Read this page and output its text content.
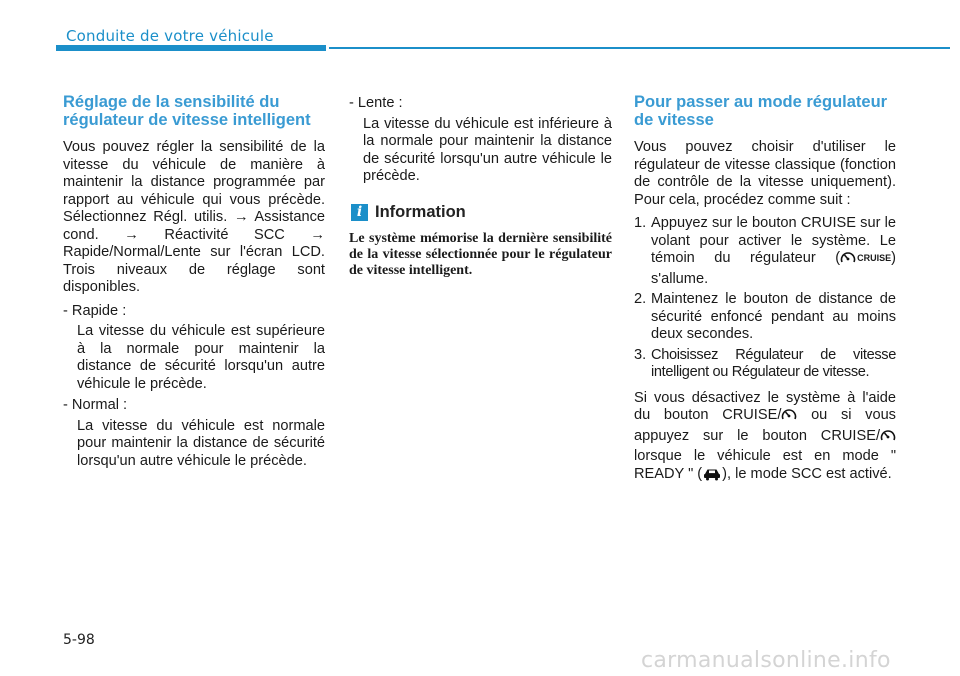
Conduite de votre véhicule
Réglage de la sensibilité du régulateur de vitesse intelligent

Vous pouvez régler la sensibilité de la vitesse du véhicule de manière à maintenir la distance programmée par rapport au véhicule qui vous précède. Sélectionnez Régl. utilis. → Assistance cond. → Réactivité SCC → Rapide/Normal/Lente sur l'écran LCD. Trois niveaux de réglage sont disponibles.

- Rapide :

La vitesse du véhicule est supérieure à la normale pour maintenir la distance de sécurité lorsqu'un autre véhicule le précède.

- Normal :

La vitesse du véhicule est normale pour maintenir la distance de sécurité lorsqu'un autre véhicule le précède.

- Lente :

La vitesse du véhicule est inférieure à la normale pour maintenir la distance de sécurité lorsqu'un autre véhicule le précède.

i Information

Le système mémorise la dernière sensibilité de la vitesse sélectionnée pour le régulateur de vitesse intelligent.

Pour passer au mode régulateur de vitesse

Vous pouvez choisir d'utiliser le régulateur de vitesse classique (fonction de contrôle de la vitesse uniquement). Pour cela, procédez comme suit :

1. Appuyez sur le bouton CRUISE sur le volant pour activer le système. Le témoin du régulateur ( CRUISE) s'allume.
2. Maintenez le bouton de distance de sécurité enfoncé pendant au moins deux secondes.
3. Choisissez Régulateur de vitesse intelligent ou Régulateur de vitesse.

Si vous désactivez le système à l'aide du bouton CRUISE/ ou si vous appuyez sur le bouton CRUISE/ lorsque le véhicule est en mode " READY " ( ), le mode SCC est activé.

5-98
carmanualsonline.info
